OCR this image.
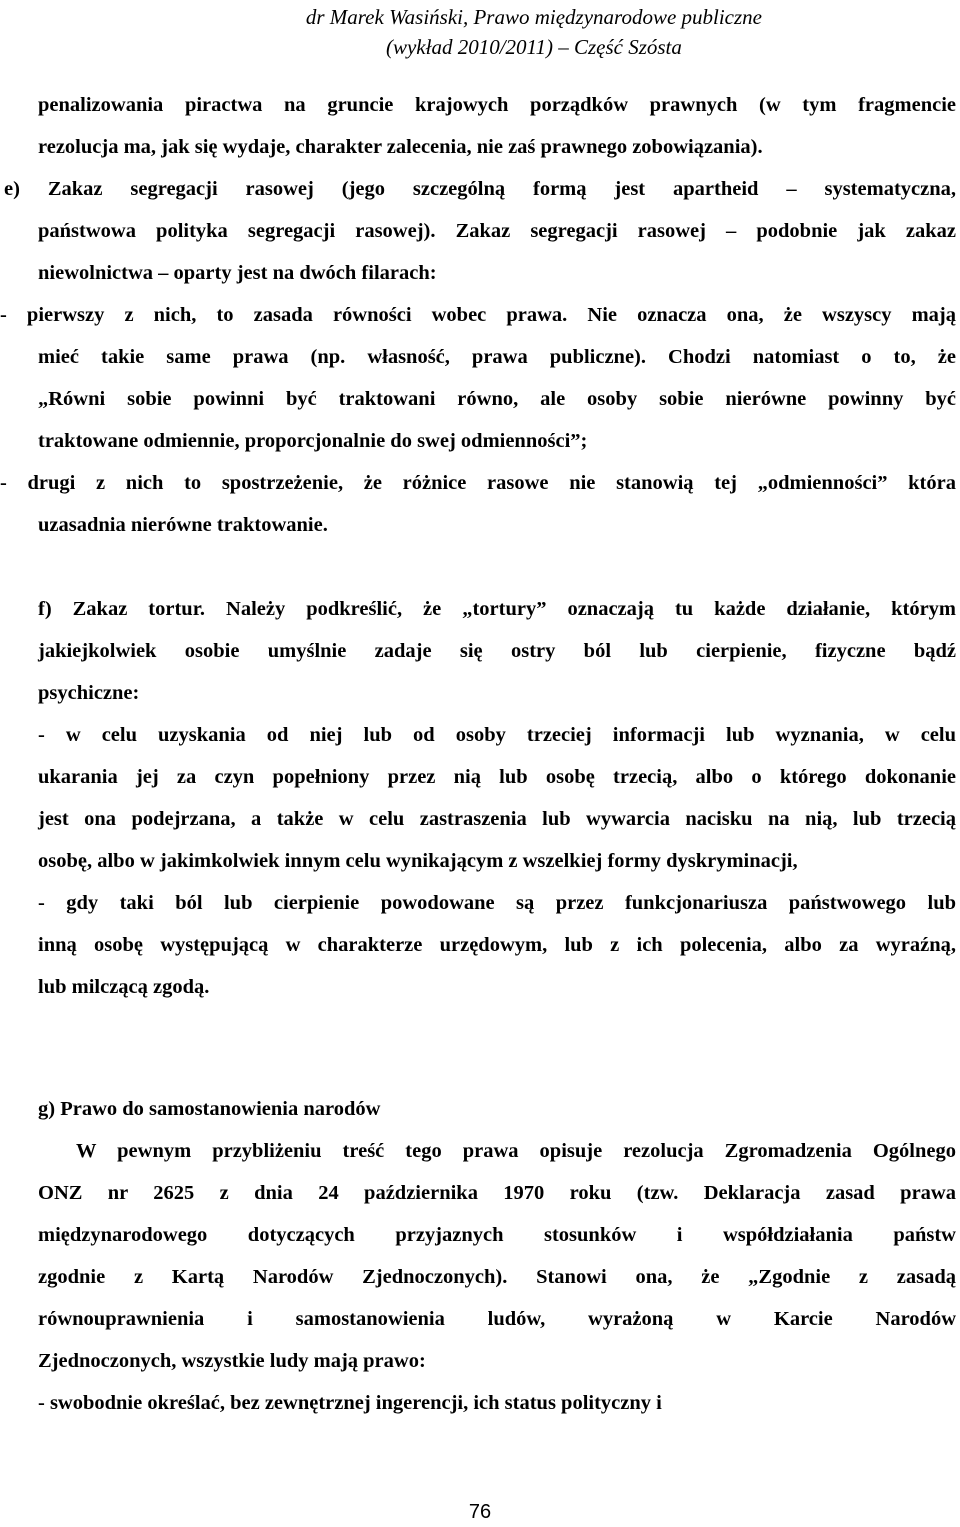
dr Marek Wasiński, Prawo międzynarodowe publiczne
(wykład 2010/2011) – Część Szósta
penalizowania piractwa na gruncie krajowych porządków prawnych (w tym fragmencie
rezolucja ma, jak się wydaje, charakter zalecenia, nie zaś prawnego zobowiązania).
e) Zakaz segregacji rasowej (jego szczególną formą jest apartheid – systematyczna,
państwowa polityka segregacji rasowej). Zakaz segregacji rasowej – podobnie jak zakaz
niewolnictwa – oparty jest na dwóch filarach:
- pierwszy z nich, to zasada równości wobec prawa. Nie oznacza ona, że wszyscy mają
mieć takie same prawa (np. własność, prawa publiczne). Chodzi natomiast o to, że
„Równi sobie powinni być traktowani równo, ale osoby sobie nierówne powinny być
traktowane odmiennie, proporcjonalnie do swej odmienności”;
- drugi z nich to spostrzeżenie, że różnice rasowe nie stanowią tej „odmienności” która
uzasadnia nierówne traktowanie.
f) Zakaz tortur. Należy podkreślić, że „tortury” oznaczają tu każde działanie, którym
jakiejkolwiek osobie umyślnie zadaje się ostry ból lub cierpienie, fizyczne bądź
psychiczne:
- w celu uzyskania od niej lub od osoby trzeciej informacji lub wyznania, w celu
ukarania jej za czyn popełniony przez nią lub osobę trzecią, albo o którego dokonanie
jest ona podejrzana, a także w celu zastraszenia lub wywarcia nacisku na nią, lub trzecią
osobę, albo w jakimkolwiek innym celu wynikającym z wszelkiej formy dyskryminacji,
- gdy taki ból lub cierpienie powodowane są przez funkcjonariusza państwowego lub
inną osobę występującą w charakterze urzędowym, lub z ich polecenia, albo za wyraźną,
lub milczącą zgodą.
g) Prawo do samostanowienia narodów
W pewnym przybliżeniu treść tego prawa opisuje rezolucja Zgromadzenia Ogólnego
ONZ nr 2625 z dnia 24 października 1970 roku (tzw. Deklaracja zasad prawa
międzynarodowego dotyczących przyjaznych stosunków i współdziałania państw
zgodnie z Kartą Narodów Zjednoczonych). Stanowi ona, że „Zgodnie z zasadą
równouprawnienia i samostanowienia ludów, wyrażoną w Karcie Narodów
Zjednoczonych, wszystkie ludy mają prawo:
- swobodnie określać, bez zewnętrznej ingerencji, ich status polityczny i
76
